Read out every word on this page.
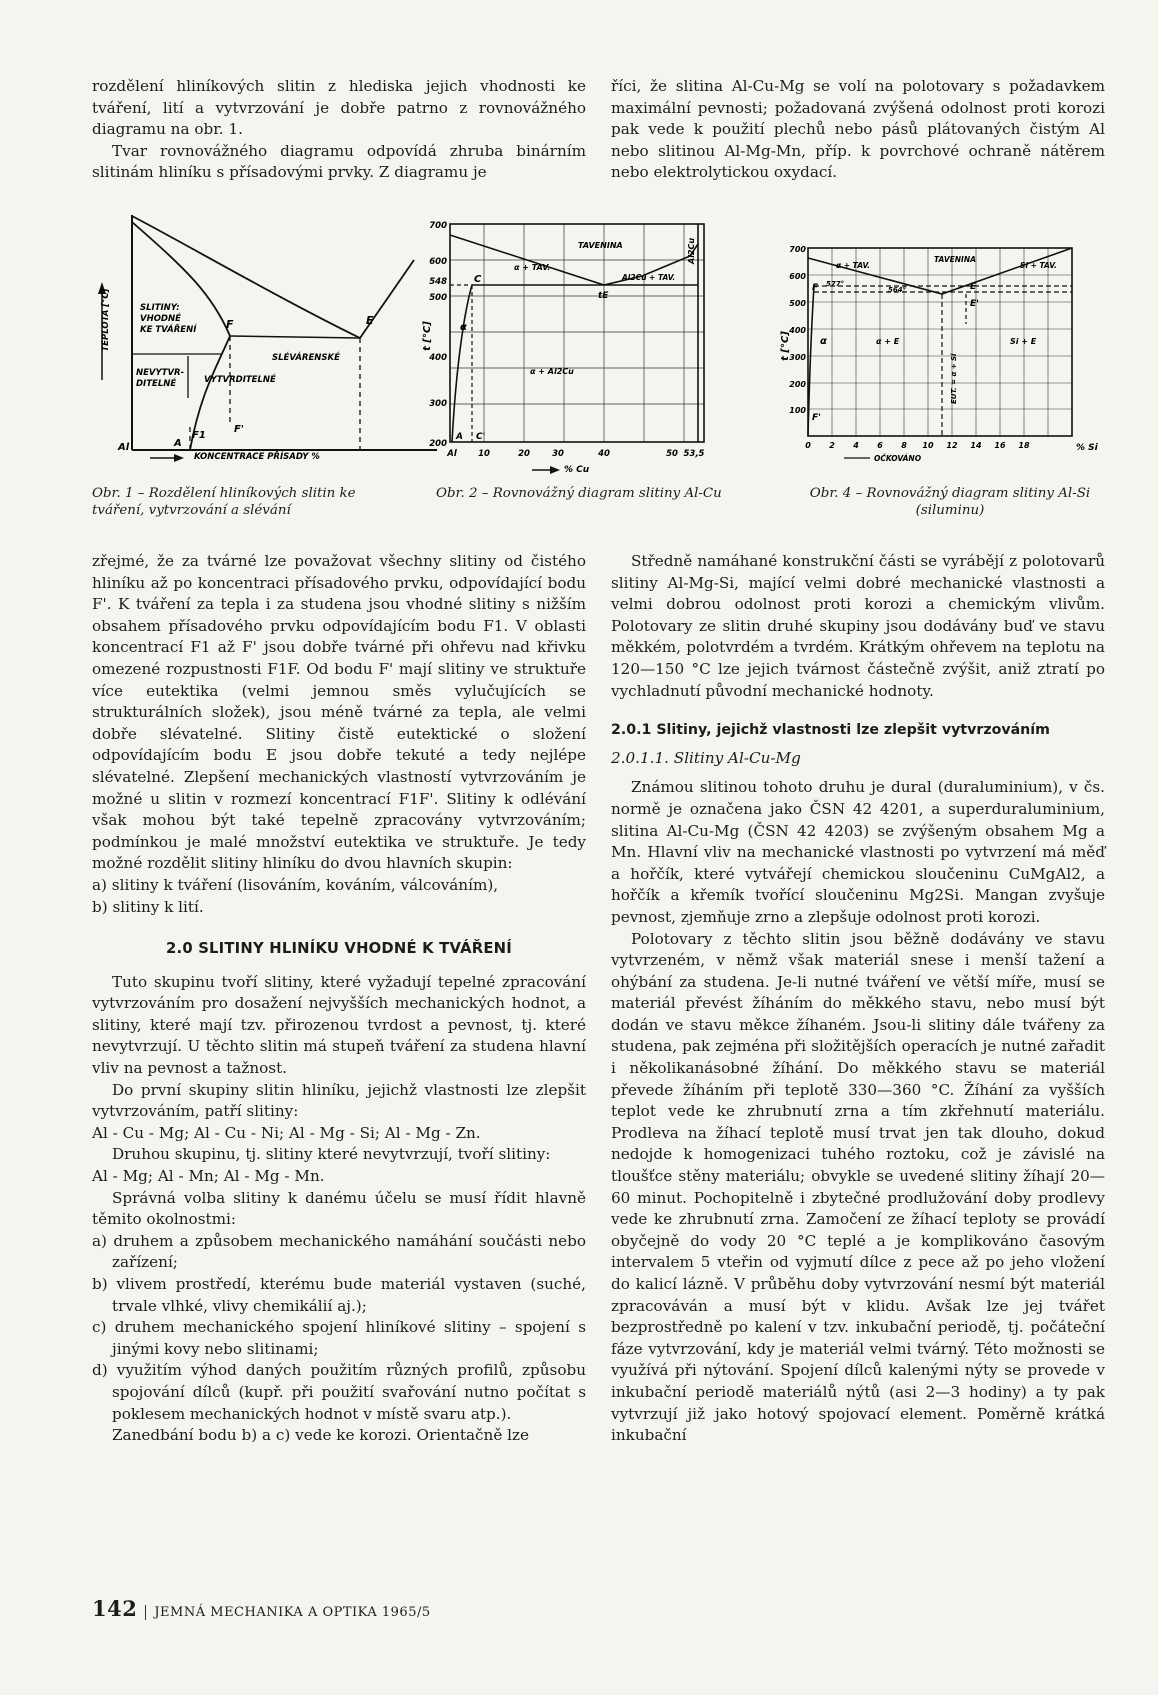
rozdělení hliníkových slitin z hlediska jejich vhodnosti ke tváření, lití a vytvrzování je dobře patrno z rovnovážného diagramu na obr. 1.

Tvar rovnovážného diagramu odpovídá zhruba binárním slitinám hliníku s přísadovými prvky. Z diagramu je

říci, že slitina Al-Cu-Mg se volí na polotovary s požadavkem maximální pevnosti; požadovaná zvýšená odolnost proti korozi pak vede k použití plechů nebo pásů plátovaných čistým Al nebo slitinou Al-Mg-Mn, příp. k povrchové ochraně nátěrem nebo elektrolytickou oxydací.

TEPLOTA [°C]	SLITINY:
VHODNÉ
KE TVÁŘENÍ
SLÉVÁRENSKÉ
NEVYTVR-
DITELNÉ	VYTVRDITELNÉ
F	E
F1
F'
Al	A
KONCENTRACE PŘÍSADY %
t [°C]
700
600
548
500
400
300
200
Al	10	20	40	50 53,5
30
% Cu
TAVENINA
α + TAV.
Al2Cu + TAV.
α
α + Al2Cu
Al2Cu
C
tE
A C'
t [°C]
700
600
500
400
300
200
100
0 2 4 6 8 10 12 14 16 18	% Si
OČKOVÁNO
TAVENINA
α + TAV.	Si + TAV.
α	α + E	Si + E
EUT. = α + Si
577°
564°
F	E
E'
F'
Obr. 1 – Rozdělení hliníkových slitin ke tváření, vytvrzování a slévání
Obr. 2 – Rovnovážný diagram slitiny Al-Cu	Obr. 4 – Rovnovážný diagram slitiny Al-Si
(siluminu)

zřejmé, že za tvárné lze považovat všechny slitiny od čistého hliníku až po koncentraci přísadového prvku, odpovídající bodu F'. K tváření za tepla i za studena jsou vhodné slitiny s nižším obsahem přísadového prvku odpovídajícím bodu F1. V oblasti koncentrací F1 až F' jsou dobře tvárné při ohřevu nad křivku omezené rozpustnosti F1F. Od bodu F' mají slitiny ve struktuře více eutektika (velmi jemnou směs vylučujících se strukturálních složek), jsou méně tvárné za tepla, ale velmi dobře slévatelné. Slitiny čistě eutektické o složení odpovídajícím bodu E jsou dobře tekuté a tedy nejlépe slévatelné. Zlepšení mechanických vlastností vytvrzováním je možné u slitin v rozmezí koncentrací F1F'. Slitiny k odlévání však mohou být také tepelně zpracovány vytvrzováním; podmínkou je malé množství eutektika ve struktuře. Je tedy možné rozdělit slitiny hliníku do dvou hlavních skupin:

a) slitiny k tváření (lisováním, kováním, válcováním),

b) slitiny k lití.

2.0 SLITINY HLINÍKU VHODNÉ K TVÁŘENÍ

Tuto skupinu tvoří slitiny, které vyžadují tepelné zpracování vytvrzováním pro dosažení nejvyšších mechanických hodnot, a slitiny, které mají tzv. přirozenou tvrdost a pevnost, tj. které nevytvrzují. U těchto slitin má stupeň tváření za studena hlavní vliv na pevnost a tažnost.

Do první skupiny slitin hliníku, jejichž vlastnosti lze zlepšit vytvrzováním, patří slitiny:

Al - Cu - Mg; Al - Cu - Ni; Al - Mg - Si; Al - Mg - Zn.

Druhou skupinu, tj. slitiny které nevytvrzují, tvoří slitiny:

Al - Mg; Al - Mn; Al - Mg - Mn.

Správná volba slitiny k danému účelu se musí řídit hlavně těmito okolnostmi:

a) druhem a způsobem mechanického namáhání součásti nebo zařízení;

b) vlivem prostředí, kterému bude materiál vystaven (suché, trvale vlhké, vlivy chemikálií aj.);

c) druhem mechanického spojení hliníkové slitiny – spojení s jinými kovy nebo slitinami;

d) využitím výhod daných použitím různých profilů, způsobu spojování dílců (kupř. při použití svařování nutno počítat s poklesem mechanických hodnot v místě svaru atp.).

Zanedbání bodu b) a c) vede ke korozi. Orientačně lze

Středně namáhané konstrukční části se vyrábějí z polotovarů slitiny Al-Mg-Si, mající velmi dobré mechanické vlastnosti a velmi dobrou odolnost proti korozi a chemickým vlivům. Polotovary ze slitin druhé skupiny jsou dodávány buď ve stavu měkkém, polotvrdém a tvrdém. Krátkým ohřevem na teplotu na 120—150 °C lze jejich tvárnost částečně zvýšit, aniž ztratí po vychladnutí původní mechanické hodnoty.

2.0.1 Slitiny, jejichž vlastnosti lze zlepšit vytvrzováním

2.0.1.1. Slitiny Al-Cu-Mg

Známou slitinou tohoto druhu je dural (duraluminium), v čs. normě je označena jako ČSN 42 4201, a superduraluminium, slitina Al-Cu-Mg (ČSN 42 4203) se zvýšeným obsahem Mg a Mn. Hlavní vliv na mechanické vlastnosti po vytvrzení má měď a hořčík, které vytvářejí chemickou sloučeninu CuMgAl2, a hořčík a křemík tvořící sloučeninu Mg2Si. Mangan zvyšuje pevnost, zjemňuje zrno a zlepšuje odolnost proti korozi.

Polotovary z těchto slitin jsou běžně dodávány ve stavu vytvrzeném, v němž však materiál snese i menší tažení a ohýbání za studena. Je-li nutné tváření ve větší míře, musí se materiál převést žíháním do měkkého stavu, nebo musí být dodán ve stavu měkce žíhaném. Jsou-li slitiny dále tvářeny za studena, pak zejména při složitějších operacích je nutné zařadit i několikanásobné žíhání. Do měkkého stavu se materiál převede žíháním při teplotě 330—360 °C. Žíhání za vyšších teplot vede ke zhrubnutí zrna a tím zkřehnutí materiálu. Prodleva na žíhací teplotě musí trvat jen tak dlouho, dokud nedojde k homogenizaci tuhého roztoku, což je závislé na tloušťce stěny materiálu; obvykle se uvedené slitiny žíhají 20—60 minut. Pochopitelně i zbytečné prodlužování doby prodlevy vede ke zhrubnutí zrna. Zamočení ze žíhací teploty se provádí obyčejně do vody 20 °C teplé a je komplikováno časovým intervalem 5 vteřin od vyjmutí dílce z pece až po jeho vložení do kalicí lázně. V průběhu doby vytvrzování nesmí být materiál zpracováván a musí být v klidu. Avšak lze jej tvářet bezprostředně po kalení v tzv. inkubační periodě, tj. počáteční fáze vytvrzování, kdy je materiál velmi tvárný. Této možnosti se využívá při nýtování. Spojení dílců kalenými nýty se provede v inkubační periodě materiálů nýtů (asi 2—3 hodiny) a ty pak vytvrzují již jako hotový spojovací element. Poměrně krátká inkubační

142 JEMNÁ MECHANIKA A OPTIKA 1965/5
